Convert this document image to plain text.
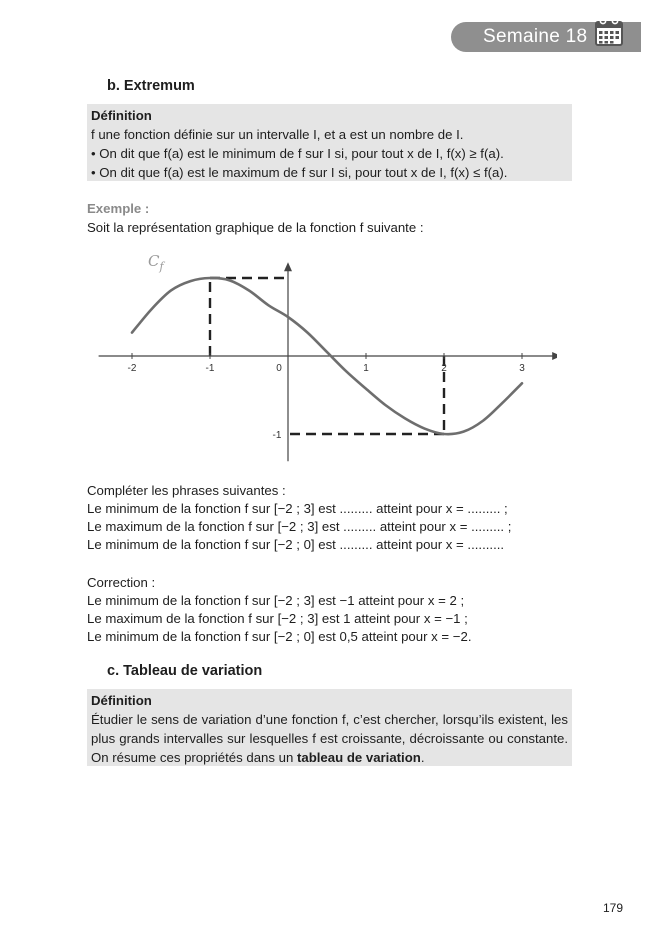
Semaine 18
b. Extremum
Définition
f une fonction définie sur un intervalle I, et a est un nombre de I.
• On dit que f(a) est le minimum de f sur I si, pour tout x de I, f(x) ≥ f(a).
• On dit que f(a) est le maximum de f sur I si, pour tout x de I, f(x) ≤ f(a).
Exemple :
Soit la représentation graphique de la fonction f suivante :
$C_f$
-2	-1	0	1	2	3
-1
Compléter les phrases suivantes :
Le minimum de la fonction f sur [−2 ; 3] est ......... atteint pour x = ......... ;
Le maximum de la fonction f sur [−2 ; 3] est ......... atteint pour x = ......... ;
Le minimum de la fonction f sur [−2 ; 0] est ......... atteint pour x = ..........
Correction :
Le minimum de la fonction f sur [−2 ; 3] est −1 atteint pour x = 2 ;
Le maximum de la fonction f sur [−2 ; 3] est 1 atteint pour x = −1 ;
Le minimum de la fonction f sur [−2 ; 0] est 0,5 atteint pour x = −2.
c. Tableau de variation
Définition
Étudier le sens de variation d’une fonction f, c’est chercher, lorsqu’ils existent, les plus grands intervalles sur lesquelles f est croissante, décroissante ou constante. On résume ces propriétés dans un tableau de variation.
179
